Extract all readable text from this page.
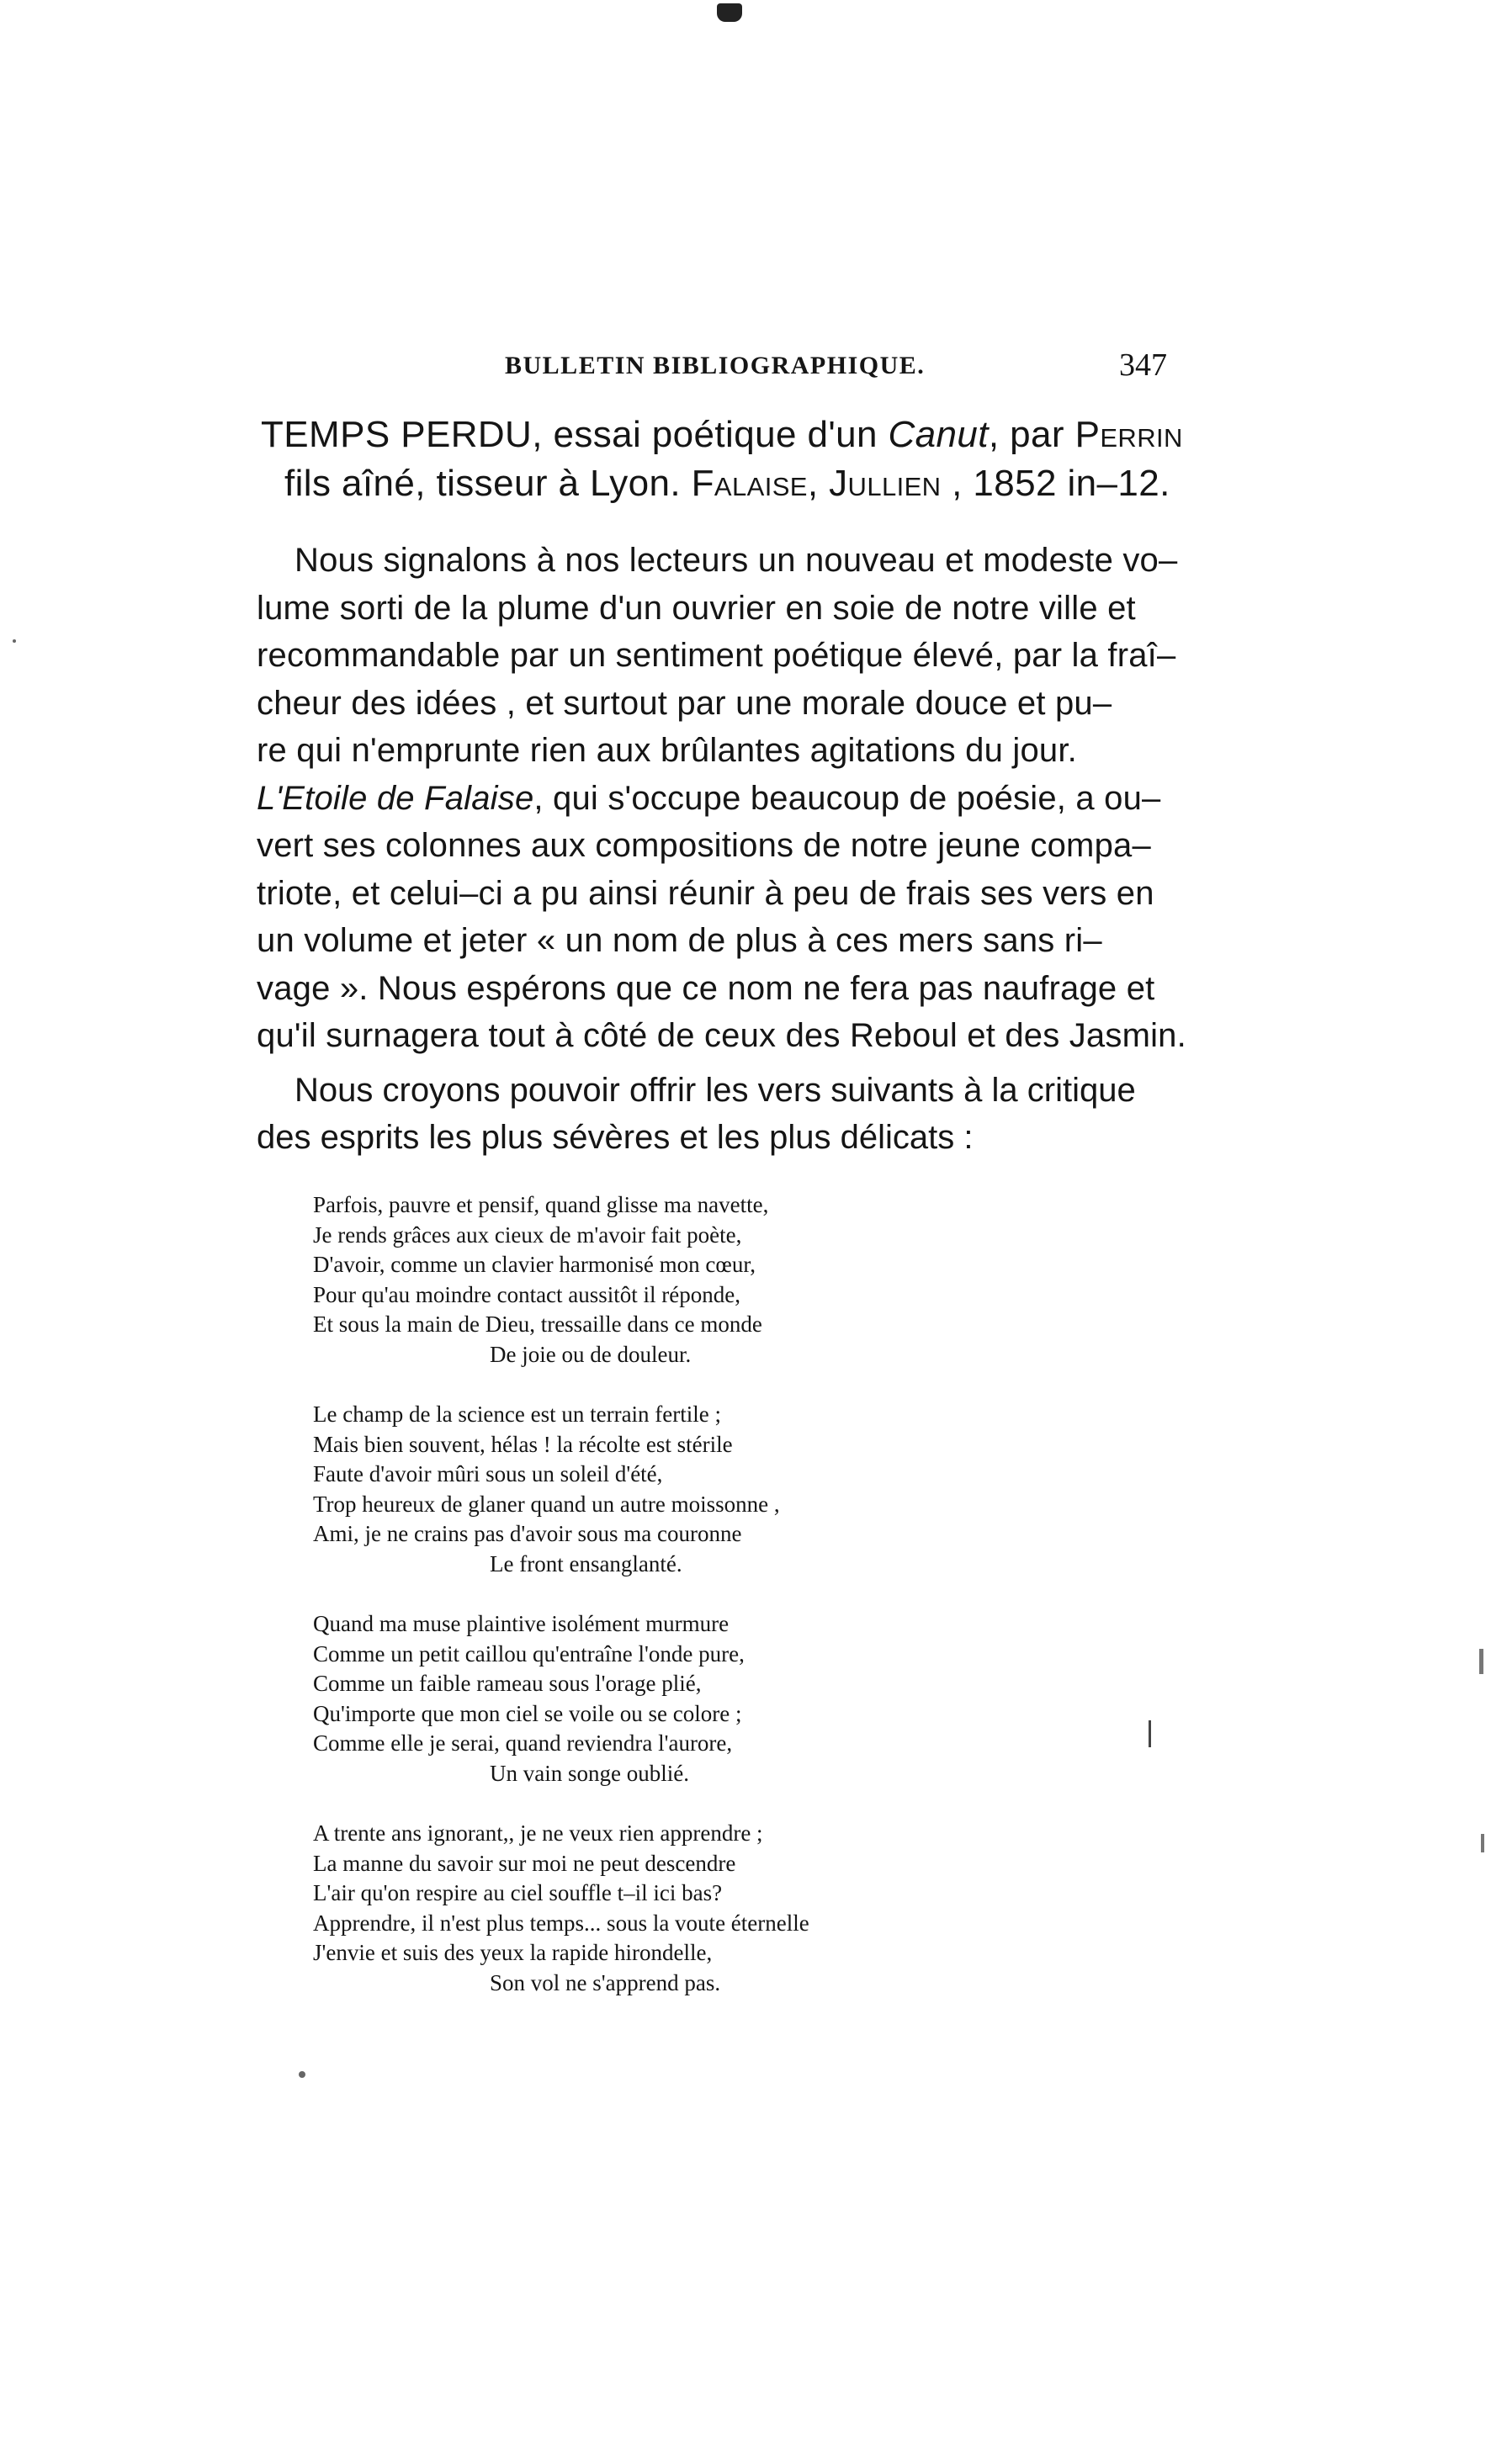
BULLETIN BIBLIOGRAPHIQUE.	347
TEMPS PERDU, essai poétique d'un Canut, par Perrin
fils aîné, tisseur à Lyon. Falaise, Jullien , 1852 in–12.
Nous signalons à nos lecteurs un nouveau et modeste vo–
lume sorti de la plume d'un ouvrier en soie de notre ville et
recommandable par un sentiment poétique élevé, par la fraî–
cheur des idées , et surtout par une morale douce et pu–
re qui n'emprunte rien aux brûlantes agitations du jour.
L'Etoile de Falaise, qui s'occupe beaucoup de poésie, a ou–
vert ses colonnes aux compositions de notre jeune compa–
triote, et celui–ci a pu ainsi réunir à peu de frais ses vers en
un volume et jeter « un nom de plus à ces mers sans ri–
vage ». Nous espérons que ce nom ne fera pas naufrage et
qu'il surnagera tout à côté de ceux des Reboul et des Jasmin.
Nous croyons pouvoir offrir les vers suivants à la critique
des esprits les plus sévères et les plus délicats :
Parfois, pauvre et pensif, quand glisse ma navette,
Je rends grâces aux cieux de m'avoir fait poète,
D'avoir, comme un clavier harmonisé mon cœur,
Pour qu'au moindre contact aussitôt il réponde,
Et sous la main de Dieu, tressaille dans ce monde
De joie ou de douleur.
Le champ de la science est un terrain fertile ;
Mais bien souvent, hélas ! la récolte est stérile
Faute d'avoir mûri sous un soleil d'été,
Trop heureux de glaner quand un autre moissonne ,
Ami, je ne crains pas d'avoir sous ma couronne
Le front ensanglanté.
Quand ma muse plaintive isolément murmure
Comme un petit caillou qu'entraîne l'onde pure,
Comme un faible rameau sous l'orage plié,
Qu'importe que mon ciel se voile ou se colore ;
Comme elle je serai, quand reviendra l'aurore,
Un vain songe oublié.
A trente ans ignorant,, je ne veux rien apprendre ;
La manne du savoir sur moi ne peut descendre
L'air qu'on respire au ciel souffle t–il ici bas?
Apprendre, il n'est plus temps... sous la voute éternelle
J'envie et suis des yeux la rapide hirondelle,
Son vol ne s'apprend pas.
